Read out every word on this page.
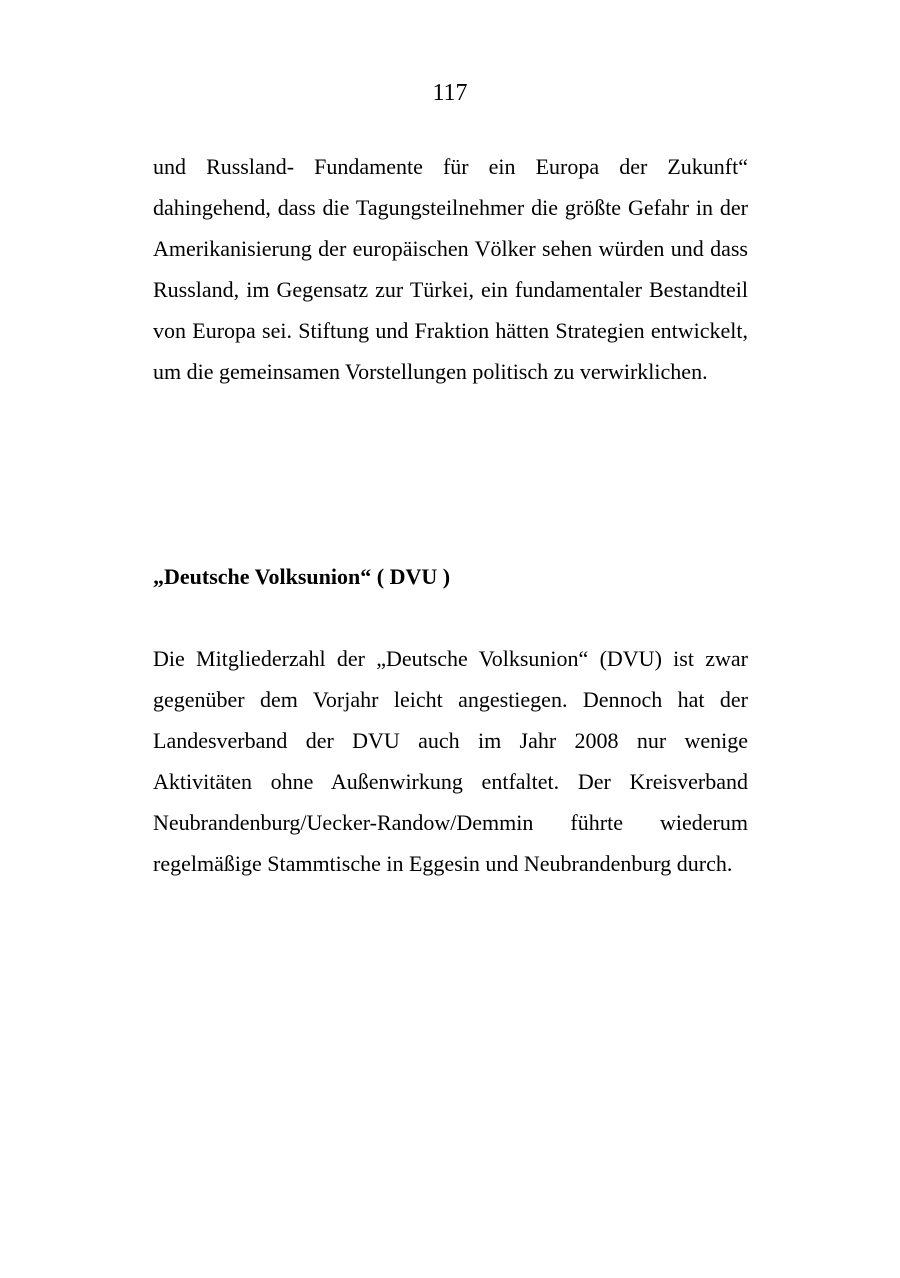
117

und Russland- Fundamente für ein Europa der Zukunft“ dahingehend, dass die Tagungsteilnehmer die größte Gefahr in der Amerikanisierung der europäischen Völker sehen würden und dass Russland, im Gegensatz zur Türkei, ein fundamentaler Bestandteil von Europa sei. Stiftung und Fraktion hätten Strategien entwickelt, um die gemeinsamen Vorstellungen politisch zu verwirklichen.

„Deutsche Volksunion“ ( DVU )

Die Mitgliederzahl der „Deutsche Volksunion“ (DVU) ist zwar gegenüber dem Vorjahr leicht angestiegen. Dennoch hat der Landesverband der DVU auch im Jahr 2008 nur wenige Aktivitäten ohne Außenwirkung entfaltet. Der Kreisverband Neubrandenburg/Uecker-Randow/Demmin führte wiederum regelmäßige Stammtische in Eggesin und Neubrandenburg durch.
